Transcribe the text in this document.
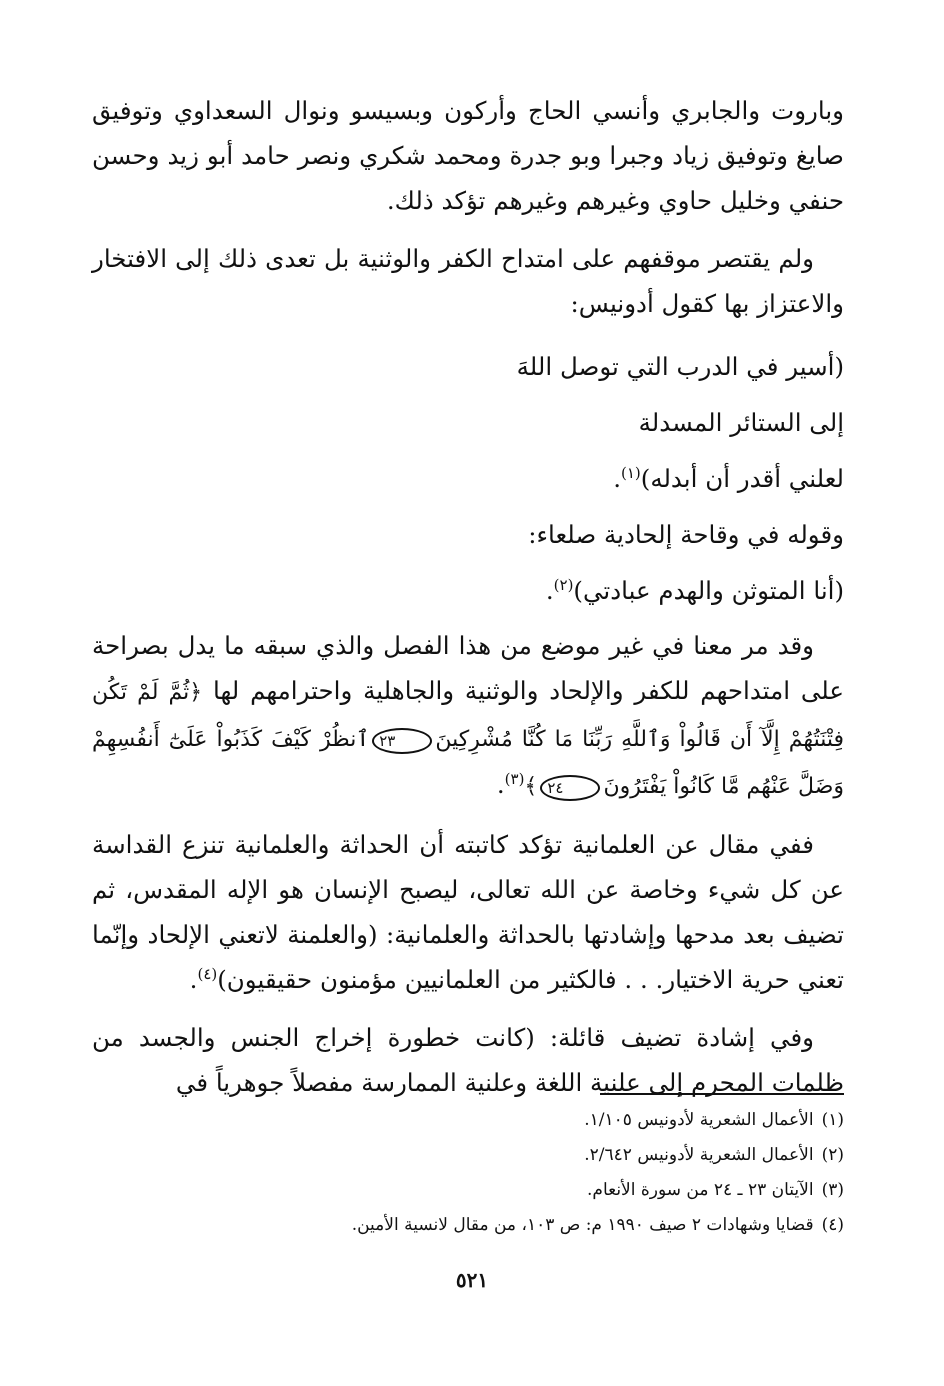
وباروت والجابري وأنسي الحاج وأركون وبسيسو ونوال السعداوي وتوفيق صايغ وتوفيق زياد وجبرا وبو جدرة ومحمد شكري ونصر حامد أبو زيد وحسن حنفي وخليل حاوي وغيرهم وغيرهم تؤكد ذلك.

ولم يقتصر موقفهم على امتداح الكفر والوثنية بل تعدى ذلك إلى الافتخار والاعتزاز بها كقول أدونيس:

(أسير في الدرب التي توصل اللهَ
إلى الستائر المسدلة
لعلني أقدر أن أبدله)$^{(١)}$.
وقوله في وقاحة إلحادية صلعاء:
(أنا المتوثن والهدم عبادتي)$^{(٢)}$.

وقد مر معنا في غير موضع من هذا الفصل والذي سبقه ما يدل بصراحة على امتداحهم للكفر والإلحاد والوثنية والجاهلية واحترامهم لها ﴿ثُمَّ لَمْ تَكُن فِتْنَتُهُمْ إِلَّآ أَن قَالُواْ وَٱللَّهِ رَبِّنَا مَا كُنَّا مُشْرِكِينَ٢٣ٱنظُرْ كَيْفَ كَذَبُواْ عَلَىٰٓ أَنفُسِهِمْ وَضَلَّ عَنْهُم مَّا كَانُواْ يَفْتَرُونَ٢٤﴾$^{(٣)}$.

ففي مقال عن العلمانية تؤكد كاتبته أن الحداثة والعلمانية تنزع القداسة عن كل شيء وخاصة عن الله تعالى، ليصبح الإنسان هو الإله المقدس، ثم تضيف بعد مدحها وإشادتها بالحداثة والعلمانية: (والعلمنة لاتعني الإلحاد وإنّما تعني حرية الاختيار. . . فالكثير من العلمانيين مؤمنون حقيقيون)$^{(٤)}$.

وفي إشادة تضيف قائلة: (كانت خطورة إخراج الجنس والجسد من ظلمات المحرم إلى علنية اللغة وعلنية الممارسة مفصلاً جوهرياً في

(١)الأعمال الشعرية لأدونيس ١/١٠٥.
(٢)الأعمال الشعرية لأدونيس ٢/٦٤٢.
(٣)الآيتان ٢٣ ـ ٢٤ من سورة الأنعام.
(٤)قضايا وشهادات ٢ صيف ١٩٩٠ م: ص ١٠٣، من مقال لانسية الأمين.
٥٢١
